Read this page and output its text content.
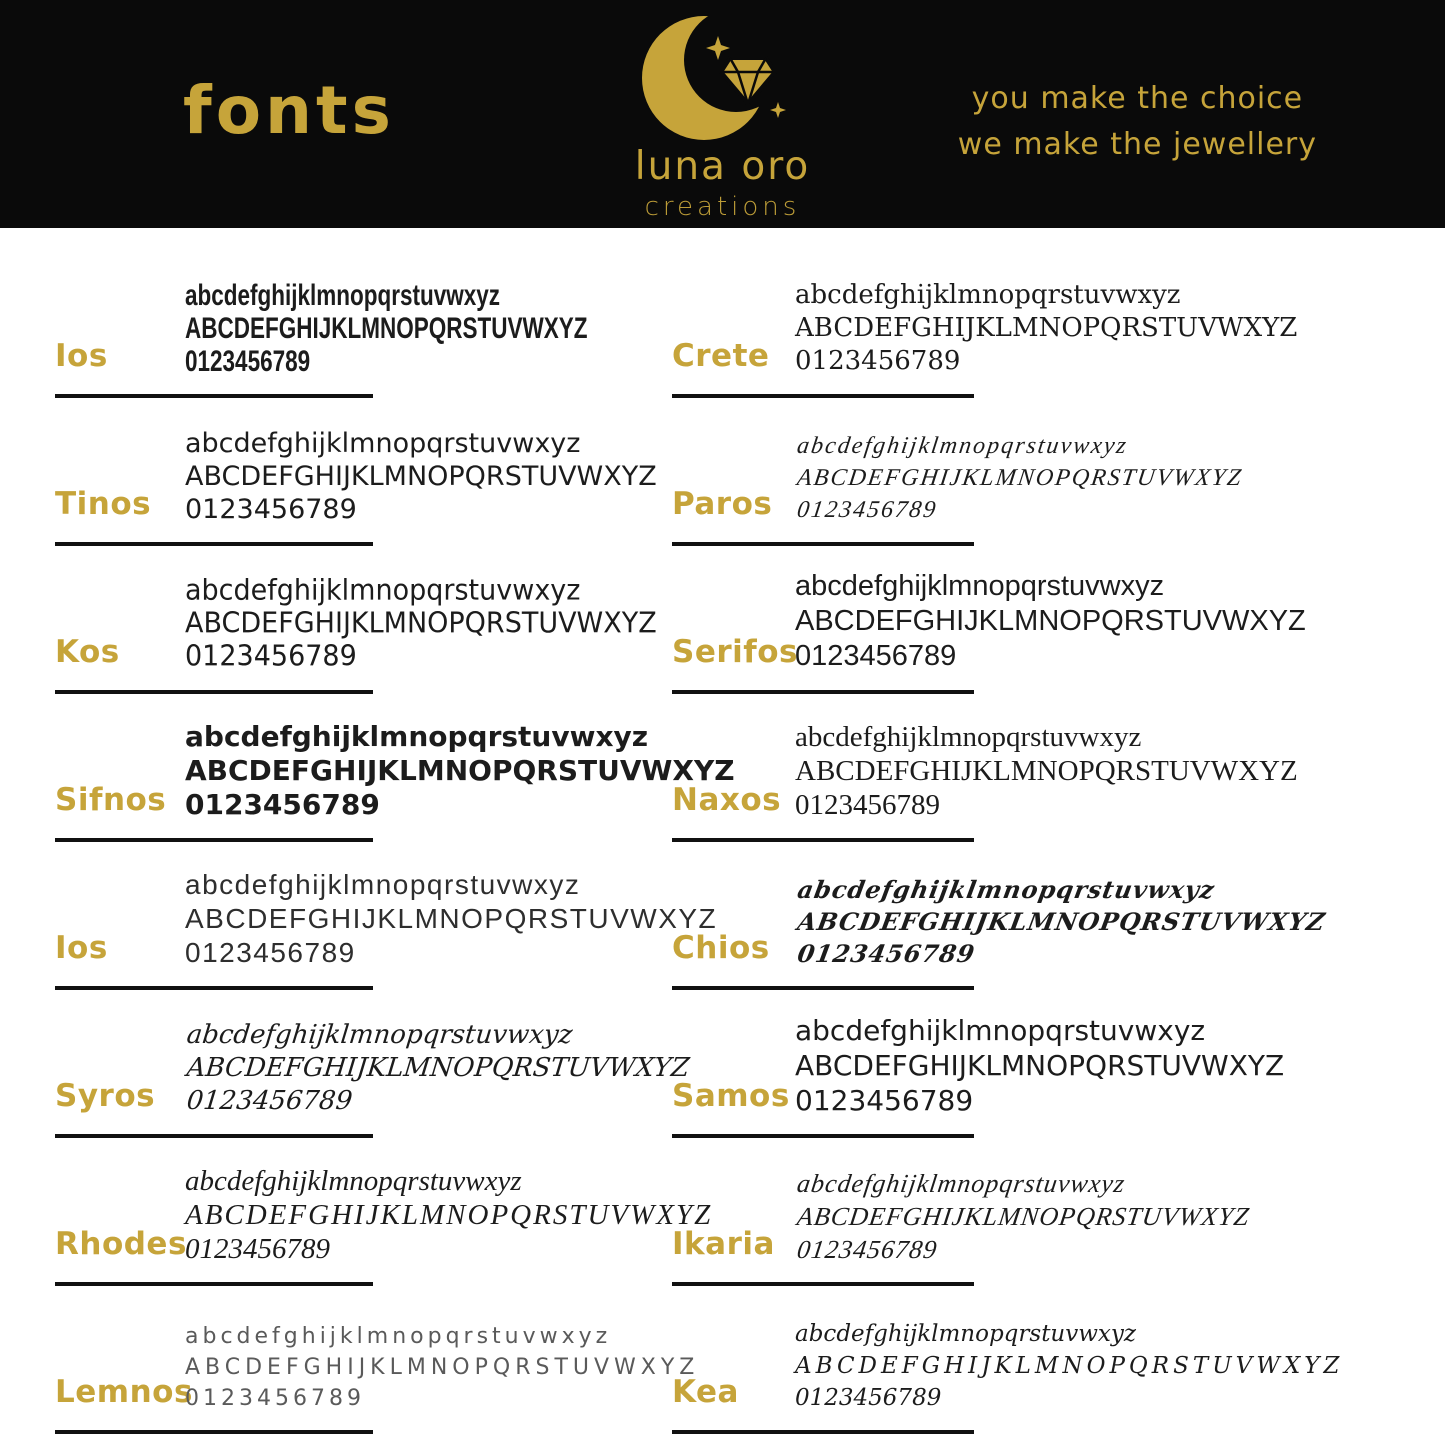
fonts
luna oro
creations
you make the choice
we make the jewellery
Ios
abcdefghijklmnopqrstuvwxyz
ABCDEFGHIJKLMNOPQRSTUVWXYZ
0123456789
Tinos
abcdefghijklmnopqrstuvwxyz
ABCDEFGHIJKLMNOPQRSTUVWXYZ
0123456789
Kos
abcdefghijklmnopqrstuvwxyz
ABCDEFGHIJKLMNOPQRSTUVWXYZ
0123456789
Sifnos
abcdefghijklmnopqrstuvwxyz
ABCDEFGHIJKLMNOPQRSTUVWXYZ
0123456789
Ios
abcdefghijklmnopqrstuvwxyz
ABCDEFGHIJKLMNOPQRSTUVWXYZ
0123456789
Syros
abcdefghijklmnopqrstuvwxyz
ABCDEFGHIJKLMNOPQRSTUVWXYZ
0123456789
Rhodes
abcdefghijklmnopqrstuvwxyz
ABCDEFGHIJKLMNOPQRSTUVWXYZ
0123456789
Lemnos
abcdefghijklmnopqrstuvwxyz
ABCDEFGHIJKLMNOPQRSTUVWXYZ
0123456789
Crete
abcdefghijklmnopqrstuvwxyz
ABCDEFGHIJKLMNOPQRSTUVWXYZ
0123456789
Paros
abcdefghijklmnopqrstuvwxyz
ABCDEFGHIJKLMNOPQRSTUVWXYZ
0123456789
Serifos
abcdefghijklmnopqrstuvwxyz
ABCDEFGHIJKLMNOPQRSTUVWXYZ
0123456789
Naxos
abcdefghijklmnopqrstuvwxyz
ABCDEFGHIJKLMNOPQRSTUVWXYZ
0123456789
Chios
abcdefghijklmnopqrstuvwxyz
ABCDEFGHIJKLMNOPQRSTUVWXYZ
0123456789
Samos
abcdefghijklmnopqrstuvwxyz
ABCDEFGHIJKLMNOPQRSTUVWXYZ
0123456789
Ikaria
abcdefghijklmnopqrstuvwxyz
ABCDEFGHIJKLMNOPQRSTUVWXYZ
0123456789
Kea
abcdefghijklmnopqrstuvwxyz
ABCDEFGHIJKLMNOPQRSTUVWXYZ
0123456789
